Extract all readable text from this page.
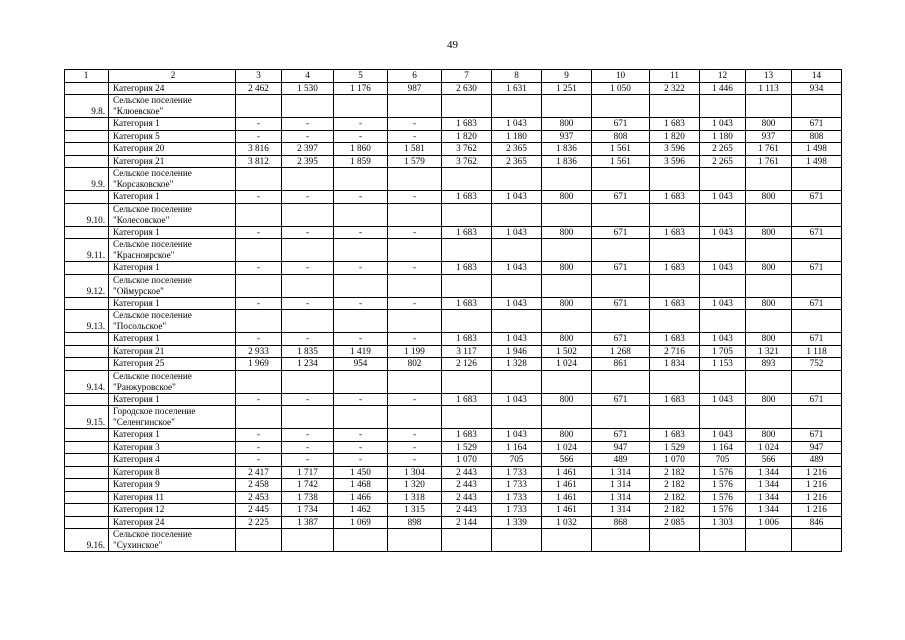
49
1	2	3	4	5	6	7	8	9	10	11	12	13	14

	Категория 24	2 462	1 530	1 176	987	2 630	1 631	1 251	1 050	2 322	1 446	1 113	934
9.8.	Сельское поселение
"Клюевское"												

	Категория 1	-	-	-	-	1 683	1 043	800	671	1 683	1 043	800	671

	Категория 5	-	-	-	-	1 820	1 180	937	808	1 820	1 180	937	808

	Категория 20	3 816	2 397	1 860	1 581	3 762	2 365	1 836	1 561	3 596	2 265	1 761	1 498

	Категория 21	3 812	2 395	1 859	1 579	3 762	2 365	1 836	1 561	3 596	2 265	1 761	1 498
9.9.	Сельское поселение
"Корсаковское"												

	Категория 1	-	-	-	-	1 683	1 043	800	671	1 683	1 043	800	671
9.10.	Сельское поселение
"Колесовское"												

	Категория 1	-	-	-	-	1 683	1 043	800	671	1 683	1 043	800	671
9.11.	Сельское поселение
"Красноярское"												

	Категория 1	-	-	-	-	1 683	1 043	800	671	1 683	1 043	800	671
9.12.	Сельское поселение
"Оймурское"												

	Категория 1	-	-	-	-	1 683	1 043	800	671	1 683	1 043	800	671
9.13.	Сельское поселение
"Посольское"												

	Категория 1	-	-	-	-	1 683	1 043	800	671	1 683	1 043	800	671

	Категория 21	2 933	1 835	1 419	1 199	3 117	1 946	1 502	1 268	2 716	1 705	1 321	1 118

	Категория 25	1 969	1 234	954	802	2 126	1 328	1 024	861	1 834	1 153	893	752
9.14.	Сельское поселение
"Ранжуровское"												

	Категория 1	-	-	-	-	1 683	1 043	800	671	1 683	1 043	800	671
9.15.	Городское поселение
"Селенгинское"												

	Категория 1	-	-	-	-	1 683	1 043	800	671	1 683	1 043	800	671

	Категория 3	-	-	-	-	1 529	1 164	1 024	947	1 529	1 164	1 024	947

	Категория 4	-	-	-	-	1 070	705	566	489	1 070	705	566	489

	Категория 8	2 417	1 717	1 450	1 304	2 443	1 733	1 461	1 314	2 182	1 576	1 344	1 216

	Категория 9	2 458	1 742	1 468	1 320	2 443	1 733	1 461	1 314	2 182	1 576	1 344	1 216

	Категория 11	2 453	1 738	1 466	1 318	2 443	1 733	1 461	1 314	2 182	1 576	1 344	1 216

	Категория 12	2 445	1 734	1 462	1 315	2 443	1 733	1 461	1 314	2 182	1 576	1 344	1 216

	Категория 24	2 225	1 387	1 069	898	2 144	1 339	1 032	868	2 085	1 303	1 006	846
9.16.	Сельское поселение
"Сухинское"												
